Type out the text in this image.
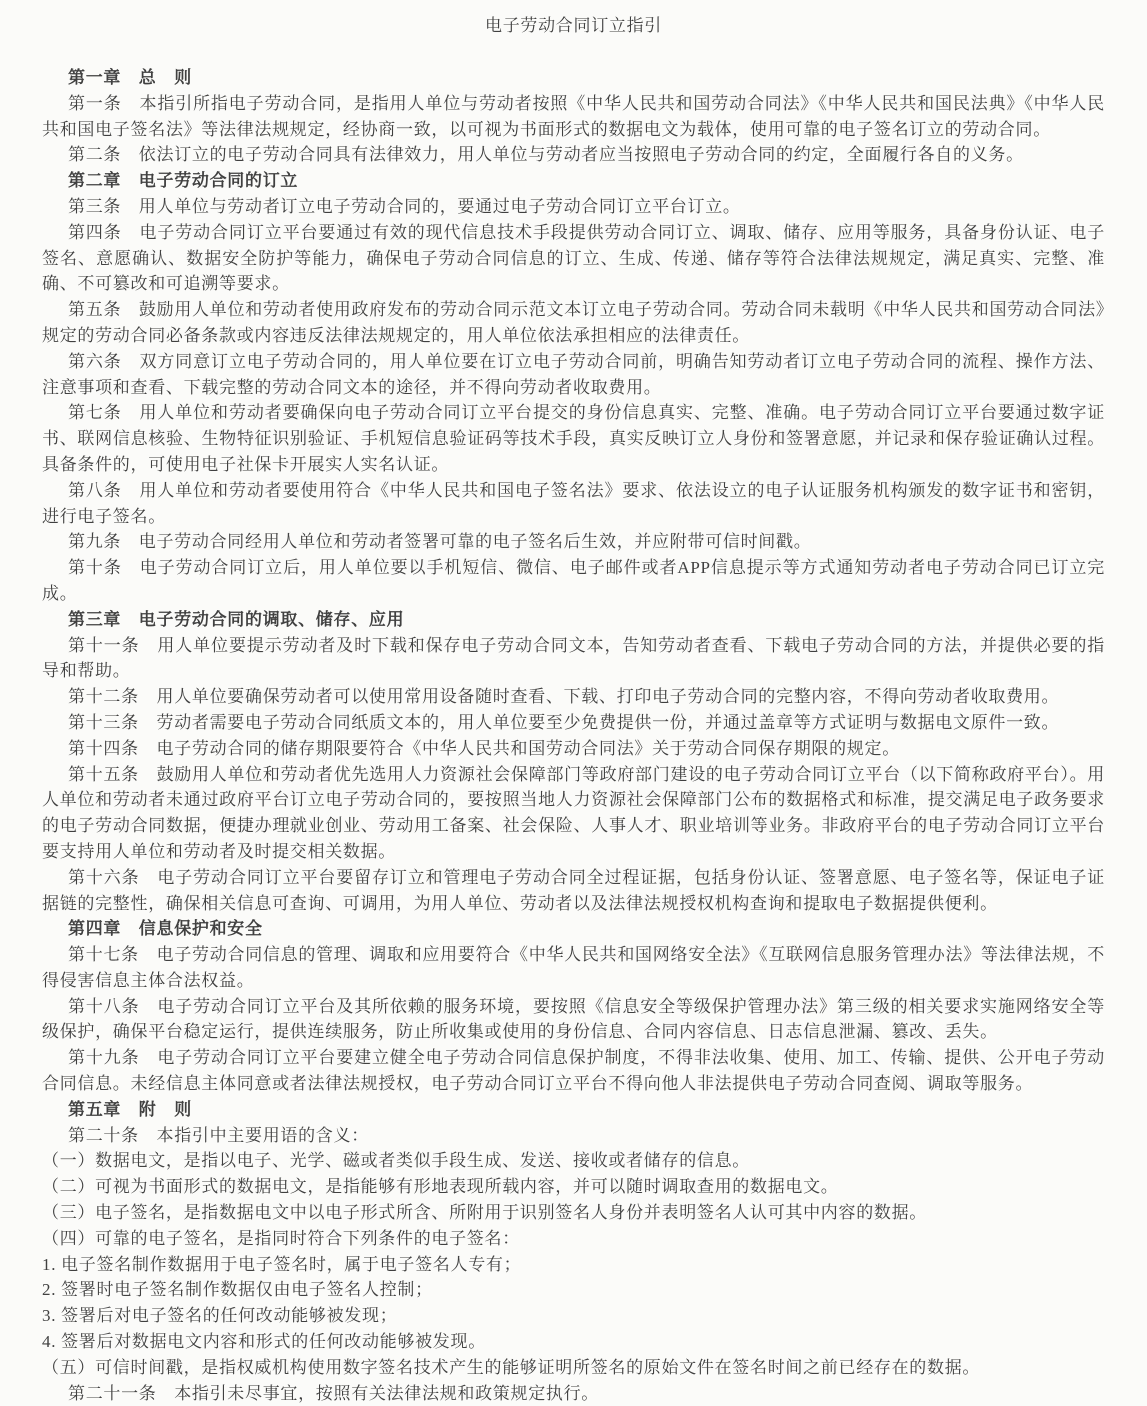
电子劳动合同订立指引

第一章　总　则

第一条　本指引所指电子劳动合同，是指用人单位与劳动者按照《中华人民共和国劳动合同法》《中华人民共和国民法典》《中华人民共和国电子签名法》等法律法规规定，经协商一致，以可视为书面形式的数据电文为载体，使用可靠的电子签名订立的劳动合同。

第二条　依法订立的电子劳动合同具有法律效力，用人单位与劳动者应当按照电子劳动合同的约定，全面履行各自的义务。

第二章　电子劳动合同的订立

第三条　用人单位与劳动者订立电子劳动合同的，要通过电子劳动合同订立平台订立。

第四条　电子劳动合同订立平台要通过有效的现代信息技术手段提供劳动合同订立、调取、储存、应用等服务，具备身份认证、电子签名、意愿确认、数据安全防护等能力，确保电子劳动合同信息的订立、生成、传递、储存等符合法律法规规定，满足真实、完整、准确、不可篡改和可追溯等要求。

第五条　鼓励用人单位和劳动者使用政府发布的劳动合同示范文本订立电子劳动合同。劳动合同未载明《中华人民共和国劳动合同法》规定的劳动合同必备条款或内容违反法律法规规定的，用人单位依法承担相应的法律责任。

第六条　双方同意订立电子劳动合同的，用人单位要在订立电子劳动合同前，明确告知劳动者订立电子劳动合同的流程、操作方法、注意事项和查看、下载完整的劳动合同文本的途径，并不得向劳动者收取费用。

第七条　用人单位和劳动者要确保向电子劳动合同订立平台提交的身份信息真实、完整、准确。电子劳动合同订立平台要通过数字证书、联网信息核验、生物特征识别验证、手机短信息验证码等技术手段，真实反映订立人身份和签署意愿，并记录和保存验证确认过程。具备条件的，可使用电子社保卡开展实人实名认证。

第八条　用人单位和劳动者要使用符合《中华人民共和国电子签名法》要求、依法设立的电子认证服务机构颁发的数字证书和密钥，进行电子签名。

第九条　电子劳动合同经用人单位和劳动者签署可靠的电子签名后生效，并应附带可信时间戳。

第十条　电子劳动合同订立后，用人单位要以手机短信、微信、电子邮件或者APP信息提示等方式通知劳动者电子劳动合同已订立完成。

第三章　电子劳动合同的调取、储存、应用

第十一条　用人单位要提示劳动者及时下载和保存电子劳动合同文本，告知劳动者查看、下载电子劳动合同的方法，并提供必要的指导和帮助。

第十二条　用人单位要确保劳动者可以使用常用设备随时查看、下载、打印电子劳动合同的完整内容，不得向劳动者收取费用。

第十三条　劳动者需要电子劳动合同纸质文本的，用人单位要至少免费提供一份，并通过盖章等方式证明与数据电文原件一致。

第十四条　电子劳动合同的储存期限要符合《中华人民共和国劳动合同法》关于劳动合同保存期限的规定。

第十五条　鼓励用人单位和劳动者优先选用人力资源社会保障部门等政府部门建设的电子劳动合同订立平台（以下简称政府平台）。用人单位和劳动者未通过政府平台订立电子劳动合同的，要按照当地人力资源社会保障部门公布的数据格式和标准，提交满足电子政务要求的电子劳动合同数据，便捷办理就业创业、劳动用工备案、社会保险、人事人才、职业培训等业务。非政府平台的电子劳动合同订立平台要支持用人单位和劳动者及时提交相关数据。

第十六条　电子劳动合同订立平台要留存订立和管理电子劳动合同全过程证据，包括身份认证、签署意愿、电子签名等，保证电子证据链的完整性，确保相关信息可查询、可调用，为用人单位、劳动者以及法律法规授权机构查询和提取电子数据提供便利。

第四章　信息保护和安全

第十七条　电子劳动合同信息的管理、调取和应用要符合《中华人民共和国网络安全法》《互联网信息服务管理办法》等法律法规，不得侵害信息主体合法权益。

第十八条　电子劳动合同订立平台及其所依赖的服务环境，要按照《信息安全等级保护管理办法》第三级的相关要求实施网络安全等级保护，确保平台稳定运行，提供连续服务，防止所收集或使用的身份信息、合同内容信息、日志信息泄漏、篡改、丢失。

第十九条　电子劳动合同订立平台要建立健全电子劳动合同信息保护制度，不得非法收集、使用、加工、传输、提供、公开电子劳动合同信息。未经信息主体同意或者法律法规授权，电子劳动合同订立平台不得向他人非法提供电子劳动合同查阅、调取等服务。

第五章　附　则

第二十条　本指引中主要用语的含义：

（一）数据电文，是指以电子、光学、磁或者类似手段生成、发送、接收或者储存的信息。

（二）可视为书面形式的数据电文，是指能够有形地表现所载内容，并可以随时调取查用的数据电文。

（三）电子签名，是指数据电文中以电子形式所含、所附用于识别签名人身份并表明签名人认可其中内容的数据。

（四）可靠的电子签名，是指同时符合下列条件的电子签名：

1. 电子签名制作数据用于电子签名时，属于电子签名人专有；

2. 签署时电子签名制作数据仅由电子签名人控制；

3. 签署后对电子签名的任何改动能够被发现；

4. 签署后对数据电文内容和形式的任何改动能够被发现。

（五）可信时间戳，是指权威机构使用数字签名技术产生的能够证明所签名的原始文件在签名时间之前已经存在的数据。

第二十一条　本指引未尽事宜，按照有关法律法规和政策规定执行。
